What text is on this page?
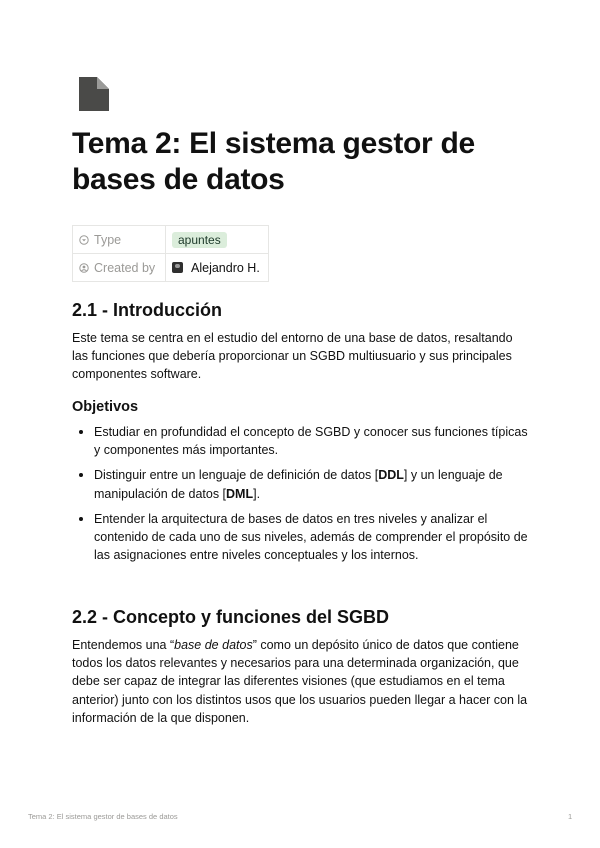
Tema 2: El sistema gestor de bases de datos
Type	apuntes
Created by	Alejandro H.
2.1 - Introducción

Este tema se centra en el estudio del entorno de una base de datos, resaltando las funciones que debería proporcionar un SGBD multiusuario y sus principales componentes software.

Objetivos
Estudiar en profundidad el concepto de SGBD y conocer sus funciones típicas y componentes más importantes.
Distinguir entre un lenguaje de definición de datos [DDL] y un lenguaje de manipulación de datos [DML].
Entender la arquitectura de bases de datos en tres niveles y analizar el contenido de cada uno de sus niveles, además de comprender el propósito de las asignaciones entre niveles conceptuales y los internos.
2.2 - Concepto y funciones del SGBD

Entendemos una “base de datos” como un depósito único de datos que contiene todos los datos relevantes y necesarios para una determinada organización, que debe ser capaz de integrar las diferentes visiones (que estudiamos en el tema anterior) junto con los distintos usos que los usuarios pueden llegar a hacer con la información de la que disponen.

Tema 2: El sistema gestor de bases de datos	1
